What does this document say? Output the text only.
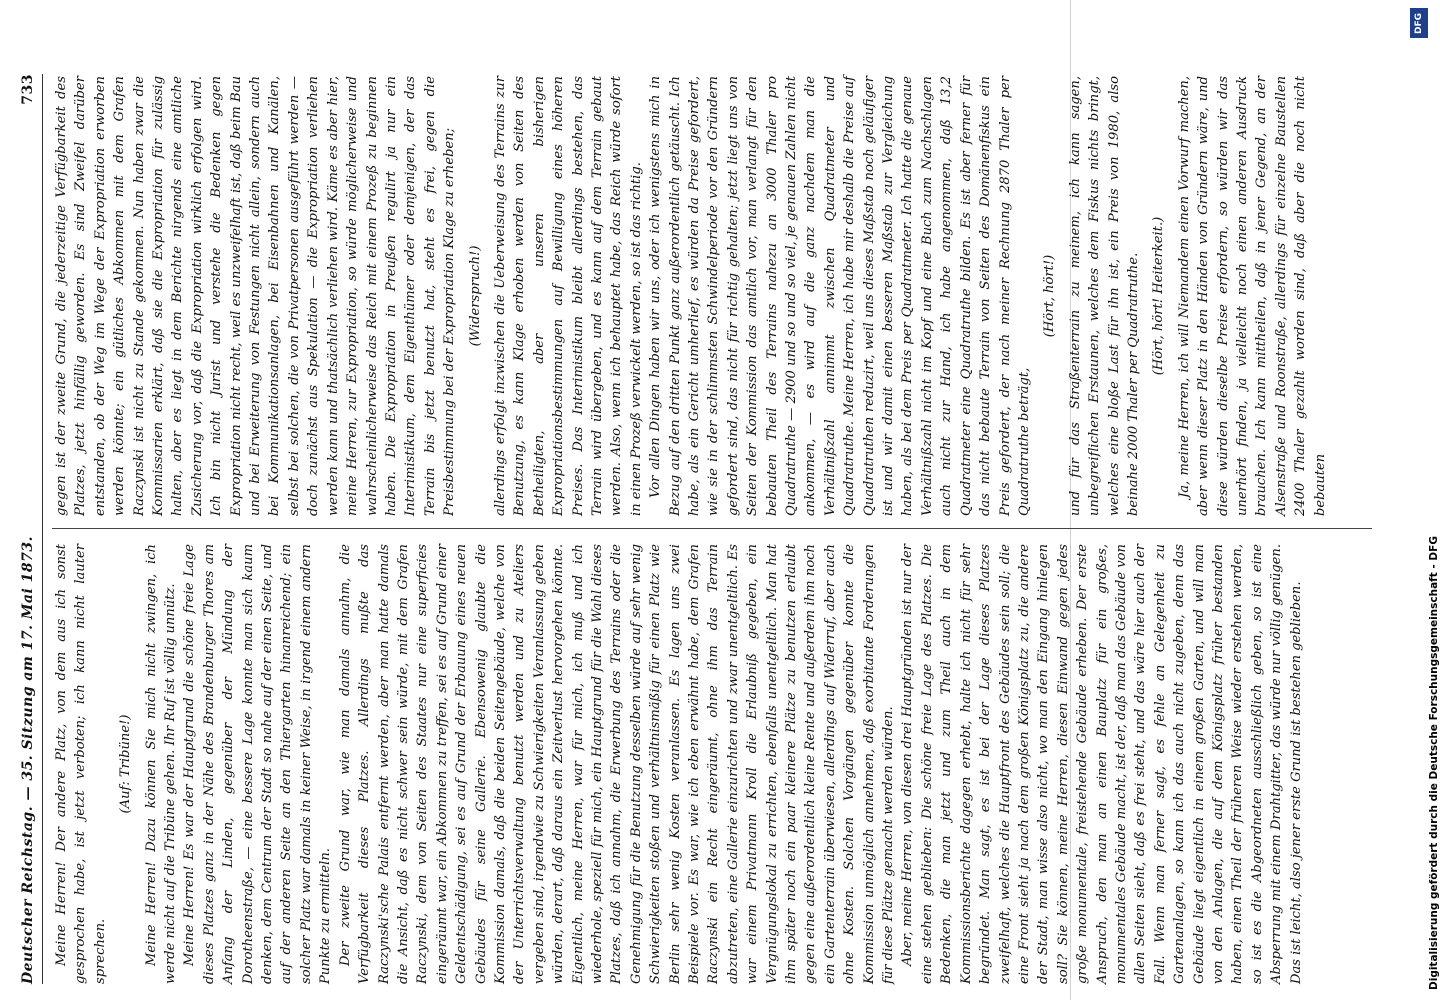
Deutscher Reichstag. — 35. Sitzung am 17. Mai 1873.
733

Meine Herren! Der andere Platz, von dem aus ich sonst gesprochen habe, ist jetzt verboten; ich kann nicht lauter sprechen.

(Auf: Tribüne!) Meine Herren! Dazu können Sie mich nicht zwingen, ich werde nicht auf die Tribüne gehen. Ihr Ruf ist völlig unnütz. Meine Herren! Es war der Hauptgrund die schöne freie Lage dieses Platzes ganz in der Nähe des Brandenburger Thores am Anfang der Linden, gegenüber der Mündung der Dorotheenstraße, — eine bessere Lage konnte man sich kaum denken, dem Centrum der Stadt so nahe auf der einen Seite, und auf der anderen Seite an den Thiergarten hinanreichend; ein solcher Platz war damals in keiner Weise, in irgend einem andern Punkte zu ermitteln. Der zweite Grund war, wie man damals annahm, die Verfügbarkeit dieses Platzes. Allerdings mußte das Raczynski'sche Palais entfernt werden, aber man hatte damals die Ansicht, daß es nicht schwer sein würde, mit dem Grafen Raczynski, dem von Seiten des Staates nur eine superficies eingeräumt war, ein Abkommen zu treffen, sei es auf Grund einer Geldentschädigung, sei es auf Grund der Erbauung eines neuen Gebäudes für seine Gallerie. Ebensowenig glaubte die Kommission damals, daß die beiden Seitengebäude, welche von der Unterrichtsverwaltung benutzt werden und zu Ateliers vergeben sind, irgendwie zu Schwierigkeiten Veranlassung geben würden, derart, daß daraus ein Zeitverlust hervorgehen könnte. Eigentlich, meine Herren, war für mich, ich muß und ich wiederhole, speziell für mich, ein Hauptgrund für die Wahl dieses Platzes, daß ich annahm, die Erwerbung des Terrains oder die Genehmigung für die Benutzung desselben würde auf sehr wenig Schwierigkeiten stoßen und verhältnismäßig für einen Platz wie Berlin sehr wenig Kosten veranlassen. Es lagen uns zwei Beispiele vor. Es war, wie ich eben erwähnt habe, dem Grafen Raczynski ein Recht eingeräumt, ohne ihm das Terrain abzutreten, eine Gallerie einzurichten und zwar unentgeltlich. Es war einem Privatmann Kroll die Erlaubniß gegeben, ein Vergnügungslokal zu errichten, ebenfalls unentgeltlich. Man hat ihm später noch ein paar kleinere Plätze zu benutzen erlaubt gegen eine außerordentlich kleine Rente und außerdem ihm noch ein Gartenterrain überwiesen, allerdings auf Widerruf, aber auch ohne Kosten. Solchen Vorgängen gegenüber konnte die Kommission unmöglich annehmen, daß exorbitante Forderungen für diese Plätze gemacht werden würden. Aber, meine Herren, von diesen drei Hauptgründen ist nur der eine stehen geblieben: Die schöne freie Lage des Platzes. Die Bedenken, die man jetzt und zum Theil auch in dem Kommissionsberichte dagegen erhebt, halte ich nicht für sehr begründet. Man sagt, es ist bei der Lage dieses Platzes zweifelhaft, welches die Hauptfront des Gebäudes sein soll; die eine Front sieht ja nach dem großen Königsplatz zu, die andere der Stadt, man wisse also nicht, wo man den Eingang hinlegen soll? Sie können, meine Herren, diesen Einwand gegen jedes große monumentale, freistehende Gebäude erheben. Der erste Anspruch, den man an einen Bauplatz für ein großes, monumentales Gebäude macht, ist der, daß man das Gebäude von allen Seiten sieht, daß es frei steht, und das wäre hier auch der Fall. Wenn man ferner sagt, es fehle an Gelegenheit zu Gartenanlagen, so kann ich das auch nicht zugeben, denn das Gebäude liegt eigentlich in einem großen Garten, und will man von den Anlagen, die auf dem Königsplatz früher bestanden haben, einen Theil der früheren Weise wieder erstehen werden, so ist es die Abgeordneten ausschließlich geben, so ist eine Absperrung mit einem Drahtgitter, das würde nur völlig genügen. Das ist leicht, also jener erste Grund ist bestehen geblieben.

gegen ist der zweite Grund, die jederzeitige Verfügbarkeit des Platzes, jetzt hinfällig geworden. Es sind Zweifel darüber entstanden, ob der Weg im Wege der Expropriation erworben werden könnte; ein gütliches Abkommen mit dem Grafen Raczynski ist nicht zu Stande gekommen. Nun haben zwar die Kommissarien erklärt, daß sie die Expropriation für zulässig halten, aber es liegt in dem Berichte nirgends eine amtliche Zusicherung vor, daß die Expropriation wirklich erfolgen wird. Ich bin nicht Jurist und verstehe die Bedenken gegen Expropriation nicht recht, weil es unzweifelhaft ist, daß beim Bau und bei Erweiterung von Festungen nicht allein, sondern auch bei Kommunikationsanlagen, bei Eisenbahnen und Kanälen, selbst bei solchen, die von Privatpersonen ausgeführt werden — doch zunächst aus Spekulation — die Expropriation verliehen werden kann und thatsächlich verliehen wird. Käme es aber hier, meine Herren, zur Expropriation, so würde möglicherweise und wahrscheinlicherweise das Reich mit einem Prozeß zu beginnen haben. Die Expropriation in Preußen regulirt ja nur ein Interimistikum, dem Eigenthümer oder demjenigen, der das Terrain bis jetzt benutzt hat, steht es frei, gegen die Preisbestimmung bei der Expropriation Klage zu erheben; (Widerspruch!) allerdings erfolgt inzwischen die Ueberweisung des Terrains zur Benutzung, es kann Klage erhoben werden von Seiten des Betheiligten, aber unseren bisherigen Expropriationsbestimmungen auf Bewilligung eines höheren Preises. Das Interimistikum bleibt allerdings bestehen, das Terrain wird übergeben, und es kann auf dem Terrain gebaut werden. Also, wenn ich behauptet habe, das Reich würde sofort in einen Prozeß verwickelt werden, so ist das richtig. Vor allen Dingen haben wir uns, oder ich wenigstens mich in Bezug auf den dritten Punkt ganz außerordentlich getäuscht. Ich habe, als ein Gericht umherlief, es würden da Preise gefordert, wie sie in der schlimmsten Schwindelperiode vor den Gründern gefordert sind, das nicht für richtig gehalten; jetzt liegt uns von Seiten der Kommission das amtlich vor, man verlangt für den bebauten Theil des Terrains nahezu an 3000 Thaler pro Quadratruthe — 2900 und so und so viel, je genauen Zahlen nicht ankommen, — es wird auf die ganz nachdem man die Verhältnißzahl annimmt zwischen Quadratmeter und Quadratruthe. Meine Herren, ich habe mir deshalb die Preise auf Quadratruthen reduzirt, weil uns dieses Maßstab noch geläufiger ist und wir damit einen besseren Maßstab zur Vergleichung haben, als bei dem Preis per Quadratmeter. Ich hatte die genaue Verhältnißzahl nicht im Kopf und eine Buch zum Nachschlagen auch nicht zur Hand, ich habe angenommen, daß 13,2 Quadratmeter eine Quadratruthe bilden. Es ist aber ferner für das nicht bebaute Terrain von Seiten des Domänenfiskus ein Preis gefordert, der nach meiner Rechnung 2870 Thaler per Quadratruthe beträgt,

(Hört, hört!) und für das Straßenterrain zu meinem, ich kann sagen, unbegreiflichen Erstaunen, welches dem Fiskus nichts bringt, welches eine bloße Last für ihn ist, ein Preis von 1980, also beinahe 2000 Thaler per Quadratruthe. (Hört, hört! Heiterkeit.) Ja, meine Herren, ich will Niemandem einen Vorwurf machen, aber wenn dieser Platz in den Händen von Gründern wäre, und diese würden dieselbe Preise erfordern, so würden wir das unerhört finden, ja vielleicht noch einen anderen Ausdruck brauchen. Ich kann mittheilen, daß in jener Gegend, an der Alsenstraße und Roonstraße, allerdings für einzelne Baustellen 2400 Thaler gezahlt worden sind, daß aber die noch nicht bebauten

Digitalisierung gefördert durch die Deutsche Forschungsgemeinschaft - DFG
DFG
